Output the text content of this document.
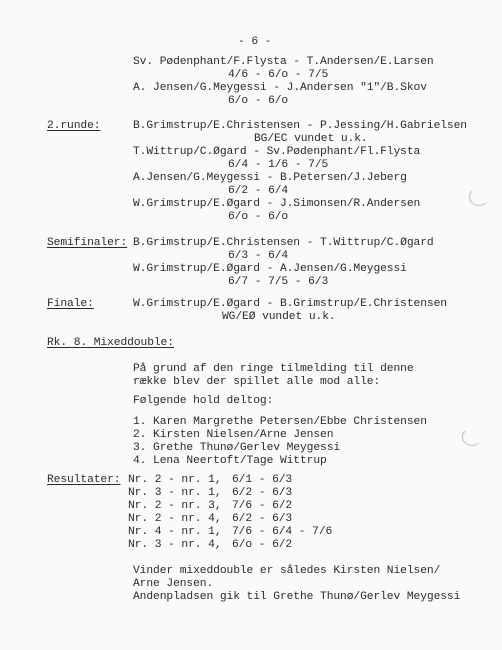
- 6 -
Sv. Pødenphant/F.Flysta - T.Andersen/E.Larsen
4/6 - 6/o - 7/5
A. Jensen/G.Meygessi - J.Andersen "1"/B.Skov
6/o - 6/o
2.runde:	B.Grimstrup/E.Christensen - P.Jessing/H.Gabrielsen
BG/EC vundet u.k.
T.Wittrup/C.Øgard - Sv.Pødenphant/Fl.Flysta
6/4 - 1/6 - 7/5
A.Jensen/G.Meygessi - B.Petersen/J.Jeberg
6/2 - 6/4
W.Grimstrup/E.Øgard - J.Simonsen/R.Andersen
6/o - 6/o
Semifinaler: B.Grimstrup/E.Christensen - T.Wittrup/C.Øgard
6/3 - 6/4
W.Grimstrup/E.Øgard - A.Jensen/G.Meygessi
6/7 - 7/5 - 6/3
Finale:	W.Grimstrup/E.Øgard - B.Grimstrup/E.Christensen
WG/EØ vundet u.k.
Rk. 8. Mixeddouble:
På grund af den ringe tilmelding til denne
række blev der spillet alle mod alle:
Følgende hold deltog:
1. Karen Margrethe Petersen/Ebbe Christensen
2. Kirsten Nielsen/Arne Jensen
3. Grethe Thunø/Gerlev Meygessi
4. Lena Neertoft/Tage Wittrup
Resultater: Nr. 2 - nr. 1, 6/1 - 6/3
Nr. 3 - nr. 1, 6/2 - 6/3
Nr. 2 - nr. 3, 7/6 - 6/2
Nr. 2 - nr. 4, 6/2 - 6/3
Nr. 4 - nr. 1, 7/6 - 6/4 - 7/6
Nr. 3 - nr. 4, 6/o - 6/2
Vinder mixeddouble er således Kirsten Nielsen/
Arne Jensen.
Andenpladsen gik til Grethe Thunø/Gerlev Meygessi
